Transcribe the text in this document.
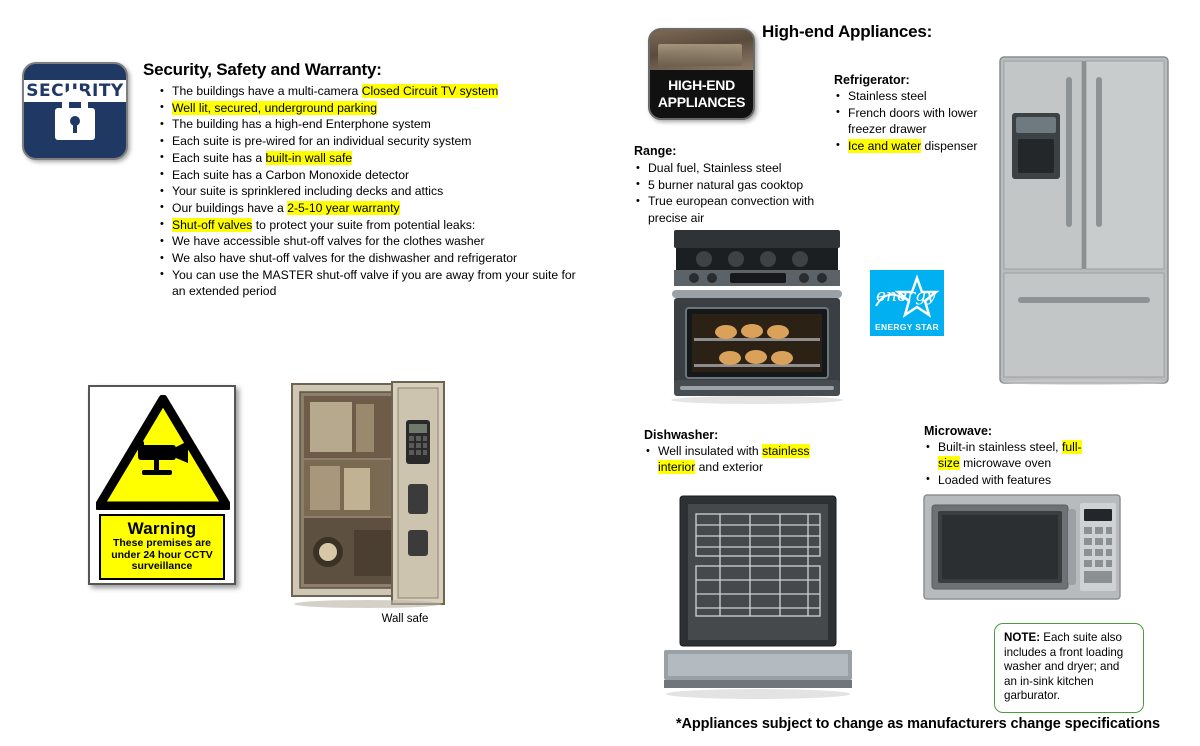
SECURITY
Security, Safety and Warranty:
• The buildings have a multi-camera Closed Circuit TV system
• Well lit, secured, underground parking
• The building has a high-end Enterphone system
• Each suite is pre-wired for an individual security system
• Each suite has a built-in wall safe
• Each suite has a Carbon Monoxide detector
• Your suite is sprinklered including decks and attics
• Our buildings have a 2-5-10 year warranty
• Shut-off valves to protect your suite from potential leaks:
• We have accessible shut-off valves for the clothes washer
• We also have shut-off valves for the dishwasher and refrigerator
• You can use the MASTER shut-off valve if you are away from your suite for an extended period
Warning
These premises are under 24 hour CCTV surveillance
Wall safe
HIGH-END
APPLIANCES
High-end Appliances:
Range:
• Dual fuel, Stainless steel
• 5 burner natural gas cooktop
• True european convection with precise air
energy
ENERGY STAR
Refrigerator:
• Stainless steel
• French doors with lower freezer drawer
• Ice and water dispenser
Dishwasher:
• Well insulated with stainless interior and exterior
Microwave:
• Built-in stainless steel, full-size microwave oven
• Loaded with features
NOTE: Each suite also includes a front loading washer and dryer; and an in-sink kitchen garburator.
*Appliances subject to change as manufacturers change specifications
